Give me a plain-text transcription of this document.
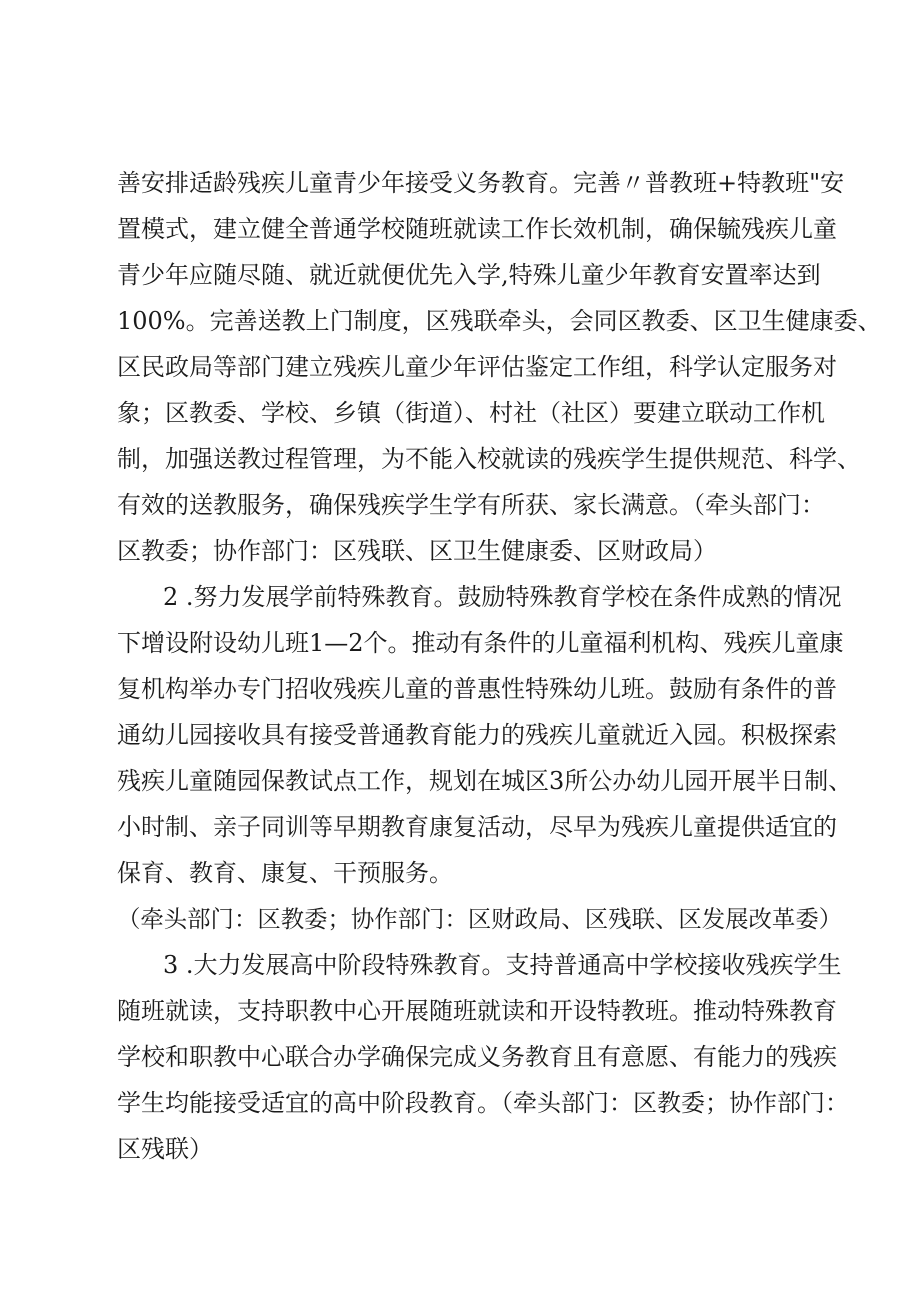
善安排适龄残疾儿童青少年接受义务教育。完善〃普教班+特教班"安
置模式，建立健全普通学校随班就读工作长效机制，确保毓残疾儿童
青少年应随尽随、就近就便优先入学,特殊儿童少年教育安置率达到
100%。完善送教上门制度，区残联牵头，会同区教委、区卫生健康委、
区民政局等部门建立残疾儿童少年评估鉴定工作组，科学认定服务对
象；区教委、学校、乡镇（街道）、村社（社区）要建立联动工作机
制，加强送教过程管理，为不能入校就读的残疾学生提供规范、科学、
有效的送教服务，确保残疾学生学有所获、家长满意。（牵头部门：
区教委；协作部门：区残联、区卫生健康委、区财政局）
2 .努力发展学前特殊教育。鼓励特殊教育学校在条件成熟的情况
下增设附设幼儿班1—2个。推动有条件的儿童福利机构、残疾儿童康
复机构举办专门招收残疾儿童的普惠性特殊幼儿班。鼓励有条件的普
通幼儿园接收具有接受普通教育能力的残疾儿童就近入园。积极探索
残疾儿童随园保教试点工作，规划在城区3所公办幼儿园开展半日制、
小时制、亲子同训等早期教育康复活动，尽早为残疾儿童提供适宜的
保育、教育、康复、干预服务。
（牵头部门：区教委；协作部门：区财政局、区残联、区发展改革委）
3 .大力发展高中阶段特殊教育。支持普通高中学校接收残疾学生
随班就读，支持职教中心开展随班就读和开设特教班。推动特殊教育
学校和职教中心联合办学确保完成义务教育且有意愿、有能力的残疾
学生均能接受适宜的高中阶段教育。（牵头部门：区教委；协作部门：
区残联）
